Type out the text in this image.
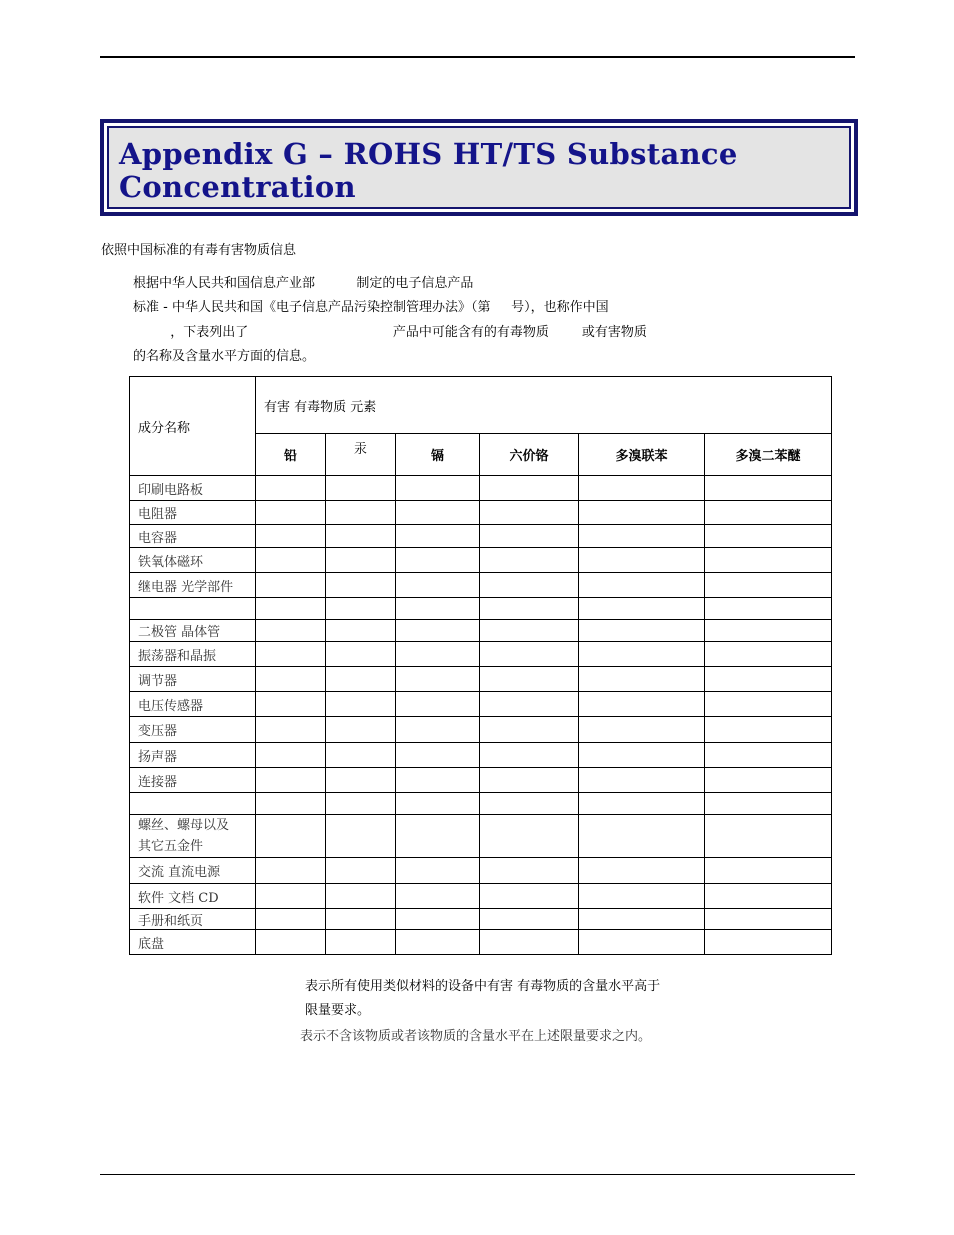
Appendix G – ROHS HT/TS Substance
Concentration
依照中国标准的有毒有害物质信息
根据中华人民共和国信息产业部          制定的电子信息产品
标准 - 中华人民共和国《电子信息产品污染控制管理办法》（第     号），也称作中国
，下表列出了                                   产品中可能含有的有毒物质        或有害物质
的名称及含量水平方面的信息。
成分名称	有害 有毒物质 元素					
	铅	汞	镉	六价铬	多溴联苯	多溴二苯醚
印刷电路板						
电阻器						
电容器						
铁氧体磁环						
继电器 光学部件						

二极管 晶体管						
振荡器和晶振						
调节器						
电压传感器						
变压器						
扬声器						
连接器						

螺丝、螺母以及
其它五金件						
交流 直流电源						
软件 文档 CD						
手册和纸页						
底盘						
表示所有使用类似材料的设备中有害 有毒物质的含量水平高于
限量要求。
表示不含该物质或者该物质的含量水平在上述限量要求之内。
